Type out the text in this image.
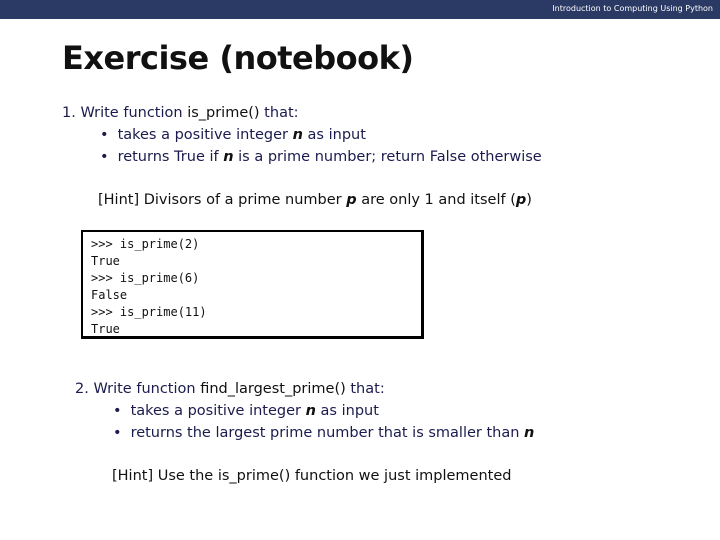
Introduction to Computing Using Python
Exercise (notebook)
1. Write function is_prime() that:
• takes a positive integer n as input
• returns True if n is a prime number; return False otherwise
[Hint] Divisors of a prime number p are only 1 and itself (p)
>>> is_prime(2)
True
>>> is_prime(6)
False
>>> is_prime(11)
True
2. Write function find_largest_prime() that:
• takes a positive integer n as input
• returns the largest prime number that is smaller than n
[Hint] Use the is_prime() function we just implemented
